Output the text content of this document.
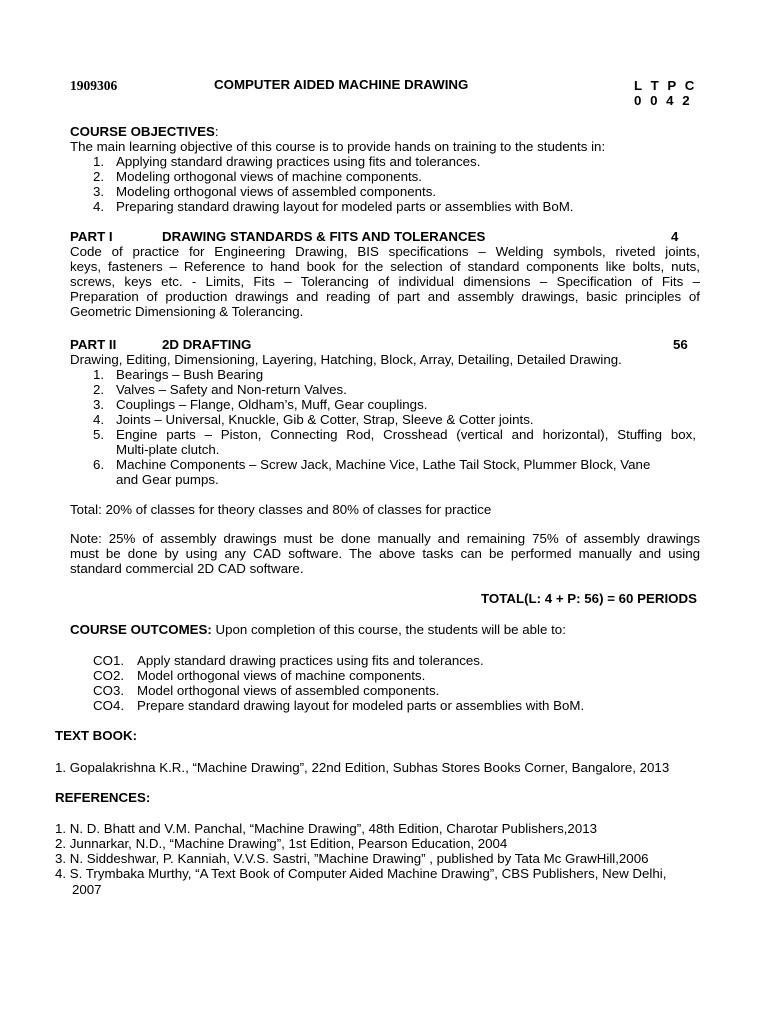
1909306	COMPUTER AIDED MACHINE DRAWING	L T P C
0 0 4 2
COURSE OBJECTIVES:
The main learning objective of this course is to provide hands on training to the students in:
1. Applying standard drawing practices using fits and tolerances.
2. Modeling orthogonal views of machine components.
3. Modeling orthogonal views of assembled components.
4. Preparing standard drawing layout for modeled parts or assemblies with BoM.
PART I	DRAWING STANDARDS & FITS AND TOLERANCES	4
Code of practice for Engineering Drawing, BIS specifications – Welding symbols, riveted joints,
keys, fasteners – Reference to hand book for the selection of standard components like bolts, nuts,
screws, keys etc. - Limits, Fits – Tolerancing of individual dimensions – Specification of Fits –
Preparation of production drawings and reading of part and assembly drawings, basic principles of
Geometric Dimensioning & Tolerancing.
PART II	2D DRAFTING	56
Drawing, Editing, Dimensioning, Layering, Hatching, Block, Array, Detailing, Detailed Drawing.
1. Bearings – Bush Bearing
2. Valves – Safety and Non-return Valves.
3. Couplings – Flange, Oldham’s, Muff, Gear couplings.
4. Joints – Universal, Knuckle, Gib & Cotter, Strap, Sleeve & Cotter joints.
5. Engine parts – Piston, Connecting Rod, Crosshead (vertical and horizontal), Stuffing box,
Multi-plate clutch.
6. Machine Components – Screw Jack, Machine Vice, Lathe Tail Stock, Plummer Block, Vane
and Gear pumps.
Total: 20% of classes for theory classes and 80% of classes for practice
Note: 25% of assembly drawings must be done manually and remaining 75% of assembly drawings
must be done by using any CAD software. The above tasks can be performed manually and using
standard commercial 2D CAD software.
TOTAL(L: 4 + P: 56) = 60 PERIODS
COURSE OUTCOMES: Upon completion of this course, the students will be able to:
CO1. Apply standard drawing practices using fits and tolerances.
CO2. Model orthogonal views of machine components.
CO3. Model orthogonal views of assembled components.
CO4. Prepare standard drawing layout for modeled parts or assemblies with BoM.
TEXT BOOK:
1. Gopalakrishna K.R., “Machine Drawing”, 22nd Edition, Subhas Stores Books Corner, Bangalore, 2013
REFERENCES:
1. N. D. Bhatt and V.M. Panchal, “Machine Drawing”, 48th Edition, Charotar Publishers,2013
2. Junnarkar, N.D., “Machine Drawing”, 1st Edition, Pearson Education, 2004
3. N. Siddeshwar, P. Kanniah, V.V.S. Sastri, ”Machine Drawing” , published by Tata Mc GrawHill,2006
4. S. Trymbaka Murthy, “A Text Book of Computer Aided Machine Drawing”, CBS Publishers, New Delhi,
2007
